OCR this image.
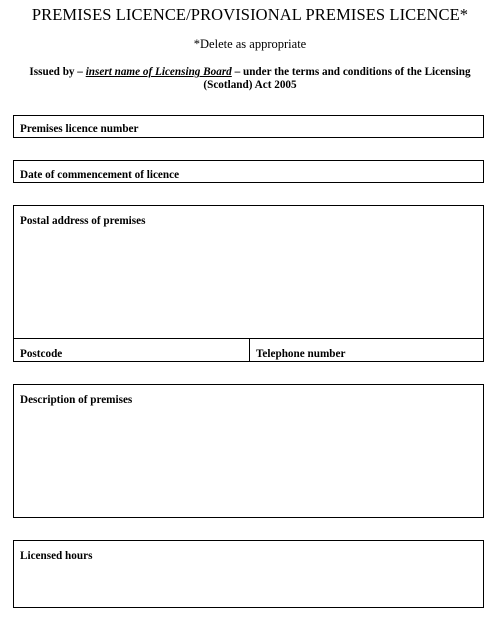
PREMISES LICENCE/PROVISIONAL PREMISES LICENCE*
*Delete as appropriate
Issued by – insert name of Licensing Board – under the terms and conditions of the Licensing (Scotland) Act 2005
Premises licence number
Date of commencement of licence
Postal address of premises
Postcode	Telephone number
Description of premises
Licensed hours
